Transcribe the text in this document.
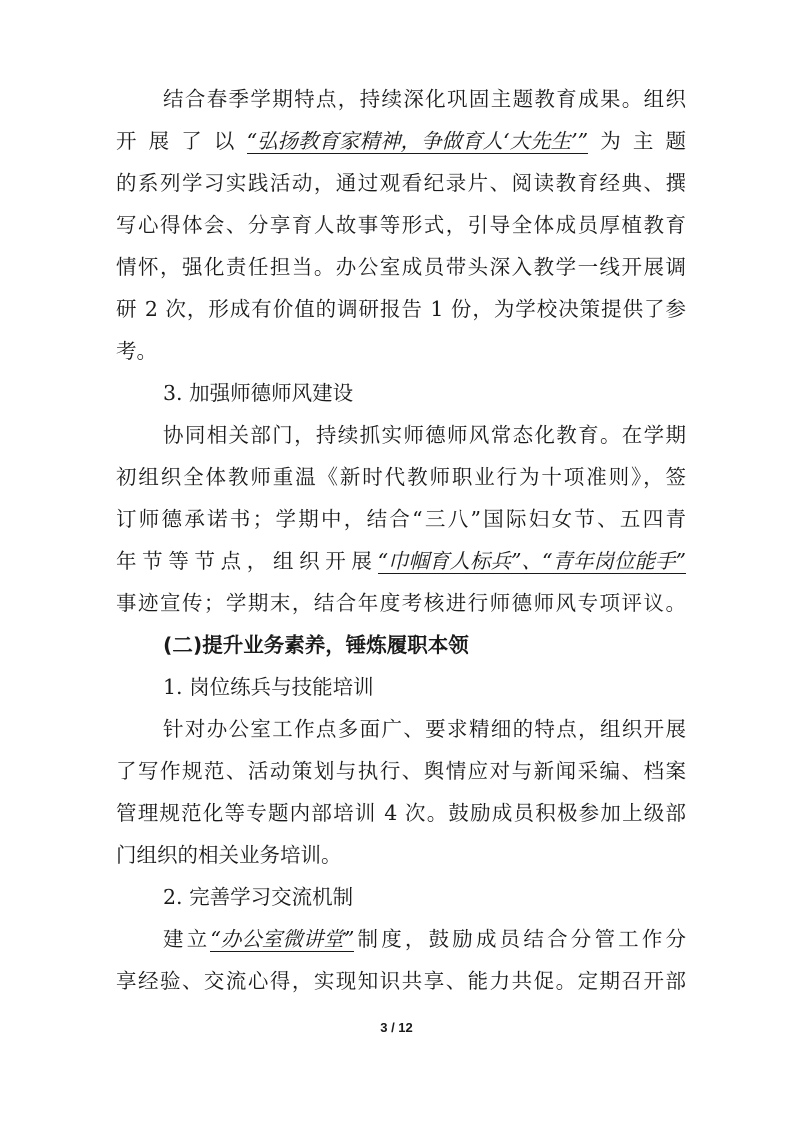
结合春季学期特点，持续深化巩固主题教育成果。组织
开展了以“弘扬教育家精神，争做育人‘大先生’”为主题
的系列学习实践活动，通过观看纪录片、阅读教育经典、撰
写心得体会、分享育人故事等形式，引导全体成员厚植教育
情怀，强化责任担当。办公室成员带头深入教学一线开展调
研 2 次，形成有价值的调研报告 1 份，为学校决策提供了参
考。
3. 加强师德师风建设
协同相关部门，持续抓实师德师风常态化教育。在学期
初组织全体教师重温《新时代教师职业行为十项准则》，签
订师德承诺书；学期中，结合“三八”国际妇女节、五四青
年节等节点，组织开展“巾帼育人标兵”、“青年岗位能手”
事迹宣传；学期末，结合年度考核进行师德师风专项评议。
(二)提升业务素养，锤炼履职本领
1. 岗位练兵与技能培训
针对办公室工作点多面广、要求精细的特点，组织开展
了写作规范、活动策划与执行、舆情应对与新闻采编、档案
管理规范化等专题内部培训 4 次。鼓励成员积极参加上级部
门组织的相关业务培训。
2. 完善学习交流机制
建立“办公室微讲堂”制度，鼓励成员结合分管工作分
享经验、交流心得，实现知识共享、能力共促。定期召开部
3 / 12
